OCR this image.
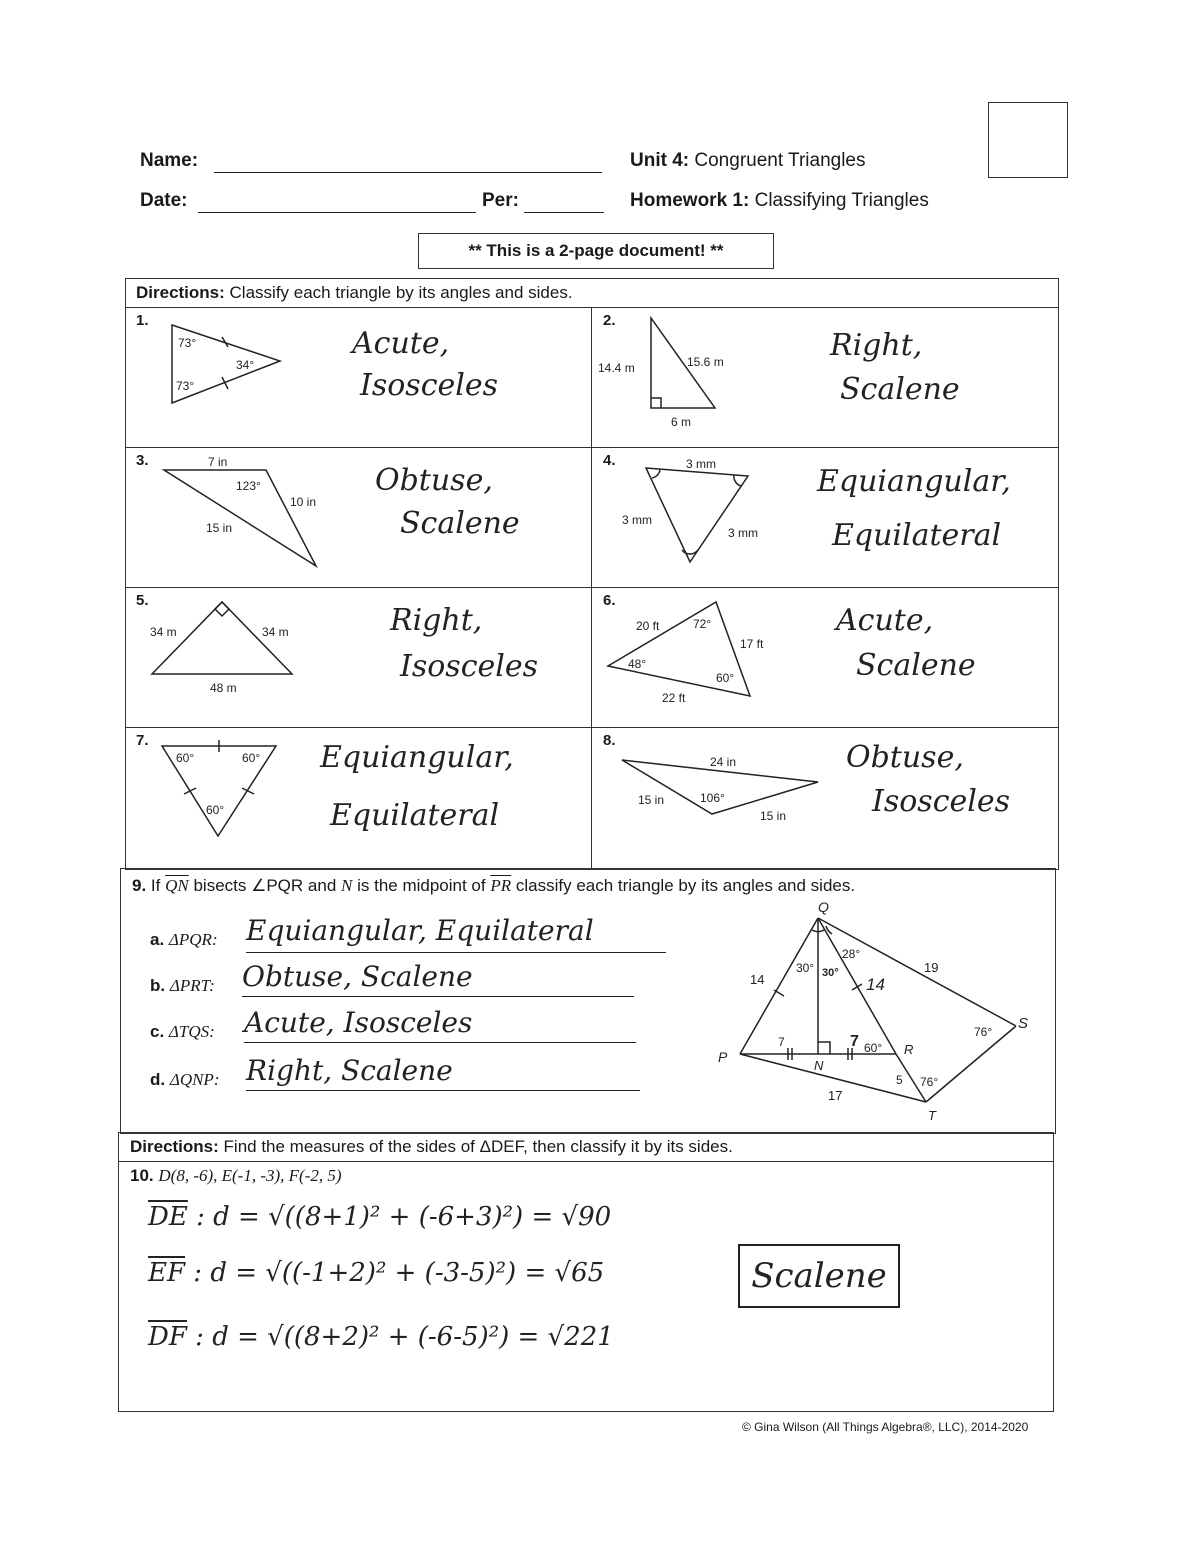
Name:
Date:	Per:
Unit 4: Congruent Triangles
Homework 1: Classifying Triangles
** This is a 2-page document! **
Directions: Classify each triangle by its angles and sides.
1.
73°
34°
73°
Acute,
Isosceles
2.
14.4 m	15.6 m
6 m
Right,
Scalene
3.	7 in
123°
10 in
15 in
Obtuse,
Scalene
4.	3 mm
3 mm
3 mm
Equiangular,
Equilateral
5.
34 m	34 m
48 m
Right,
Isosceles
6.
20 ft	72°
17 ft
48°
60°
22 ft
Acute,
Scalene
7.
60°	60°
60°
Equiangular,
Equilateral
8.
24 in
15 in	106°
15 in
Obtuse,
Isosceles
9. If $\overline{QN}$ bisects ∠PQR and N is the midpoint of $\overline{PR}$ classify each triangle by its angles and sides.
a. ΔPQR: Equiangular, Equilateral
b. ΔPRT: Obtuse, Scalene
c. ΔTQS: Acute, Isosceles
d. ΔQNP: Right, Scalene
Q
28°
30° 30°	19
14	14
S
76°
P
7	7
N
60° R
5 76°
17
T
Directions: Find the measures of the sides of ΔDEF, then classify it by its sides.
10. D(8, -6), E(-1, -3), F(-2, 5)
$\overline{DE}$ : d = √((8+1)² + (-6+3)²) = √90
$\overline{EF}$ : d = √((-1+2)² + (-3-5)²) = √65
$\overline{DF}$ : d = √((8+2)² + (-6-5)²) = √221
Scalene
© Gina Wilson (All Things Algebra®, LLC), 2014-2020
